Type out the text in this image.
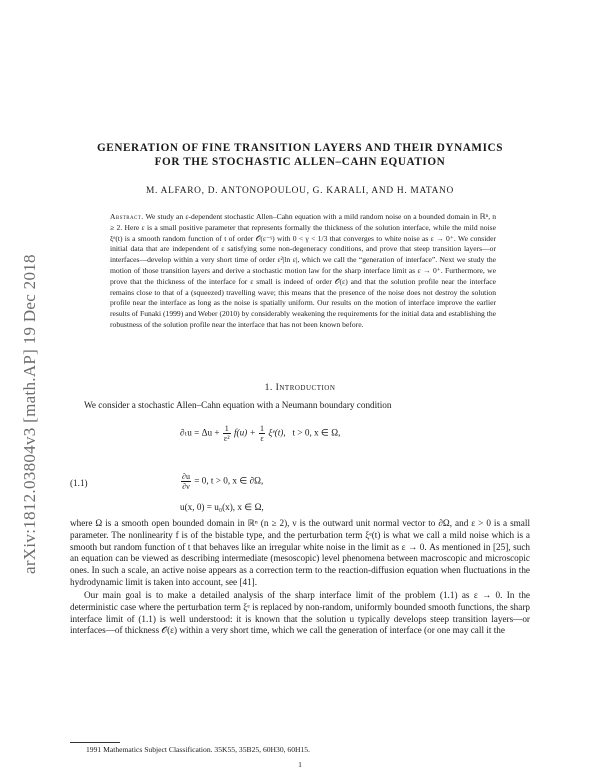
arXiv:1812.03804v3 [math.AP] 19 Dec 2018
GENERATION OF FINE TRANSITION LAYERS AND THEIR DYNAMICS
FOR THE STOCHASTIC ALLEN–CAHN EQUATION
M. ALFARO, D. ANTONOPOULOU, G. KARALI, AND H. MATANO
Abstract. We study an ε-dependent stochastic Allen–Cahn equation with a mild random noise on a bounded domain in ℝⁿ, n ≥ 2. Here ε is a small positive parameter that represents formally the thickness of the solution interface, while the mild noise ξᵉ(t) is a smooth random function of t of order 𝒪(ε⁻ᵞ) with 0 < γ < 1/3 that converges to white noise as ε → 0⁺. We consider initial data that are independent of ε satisfying some non-degeneracy conditions, and prove that steep transition layers—or interfaces—develop within a very short time of order ε²|ln ε|, which we call the “generation of interface”. Next we study the motion of those transition layers and derive a stochastic motion law for the sharp interface limit as ε → 0⁺. Furthermore, we prove that the thickness of the interface for ε small is indeed of order 𝒪(ε) and that the solution profile near the interface remains close to that of a (squeezed) travelling wave; this means that the presence of the noise does not destroy the solution profile near the interface as long as the noise is spatially uniform. Our results on the motion of interface improve the earlier results of Funaki (1999) and Weber (2010) by considerably weakening the requirements for the initial data and establishing the robustness of the solution profile near the interface that has not been known before.
1. Introduction
We consider a stochastic Allen–Cahn equation with a Neumann boundary condition
(1.1)
$\partial_tu = \Delta u + \frac{1}{\text{ε²}} f(u) + \frac{1}{\varepsilon}$ ξᵉ(t), t > 0, x ∈ Ω,
$\frac{\partial u}{\partial\nu} = 0$, t > 0, x ∈ ∂Ω,
u(x, 0) = u₀(x), x ∈ Ω,
where Ω is a smooth open bounded domain in ℝⁿ (n ≥ 2), ν is the outward unit normal vector to ∂Ω, and ε > 0 is a small parameter. The nonlinearity f is of the bistable type, and the perturbation term ξᵉ(t) is what we call a mild noise which is a smooth but random function of t that behaves like an irregular white noise in the limit as ε → 0. As mentioned in [25], such an equation can be viewed as describing intermediate (mesoscopic) level phenomena between macroscopic and microscopic ones. In such a scale, an active noise appears as a correction term to the reaction-diffusion equation when fluctuations in the hydrodynamic limit is taken into account, see [41].
Our main goal is to make a detailed analysis of the sharp interface limit of the problem (1.1) as ε → 0. In the deterministic case where the perturbation term ξᵉ is replaced by non-random, uniformly bounded smooth functions, the sharp interface limit of (1.1) is well understood: it is known that the solution u typically develops steep transition layers—or interfaces—of thickness 𝒪(ε) within a very short time, which we call the generation of interface (or one may call it the
1991 Mathematics Subject Classification. 35K55, 35B25, 60H30, 60H15.
1
